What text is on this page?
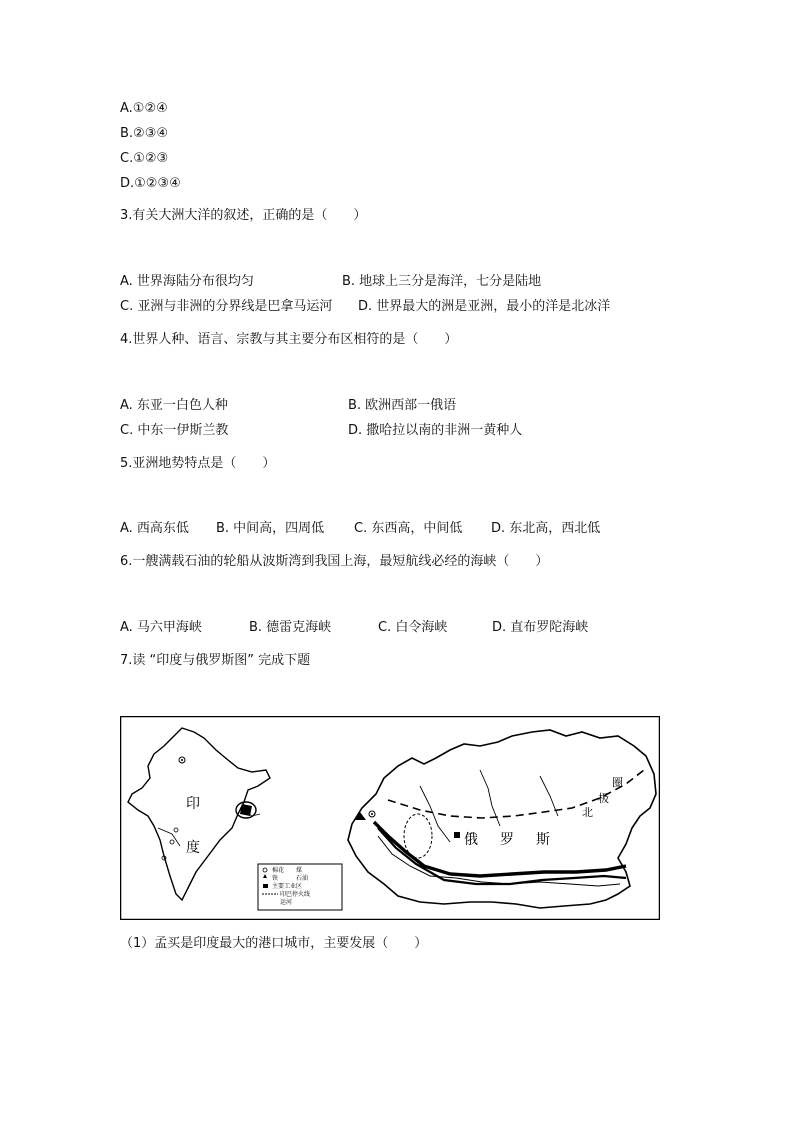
A.①②④
B.②③④
C.①②③
D.①②③④
3.有关大洲大洋的叙述，正确的是（　　）
A. 世界海陆分布很均匀	B. 地球上三分是海洋，七分是陆地
C. 亚洲与非洲的分界线是巴拿马运河 D. 世界最大的洲是亚洲，最小的洋是北冰洋
4.世界人种、语言、宗教与其主要分布区相符的是（　　）
A. 东亚一白色人种	B. 欧洲西部一俄语
C. 中东一伊斯兰教	D. 撒哈拉以南的非洲一黄种人
5.亚洲地势特点是（　　）
A. 西高东低 B. 中间高，四周低 C. 东西高，中间低 D. 东北高，西北低
6.一艘满载石油的轮船从波斯湾到我国上海，最短航线必经的海峡（　　）
A. 马六甲海峡	B. 德雷克海峡	C. 白令海峡	D. 直布罗陀海峡
7.读 “印度与俄罗斯图” 完成下题
印
度
棉花　　煤
铁　　　石油
主要工业区
印巴停火线
运河
俄 罗 斯
北
极
圈
（1）孟买是印度最大的港口城市，主要发展（　　）
